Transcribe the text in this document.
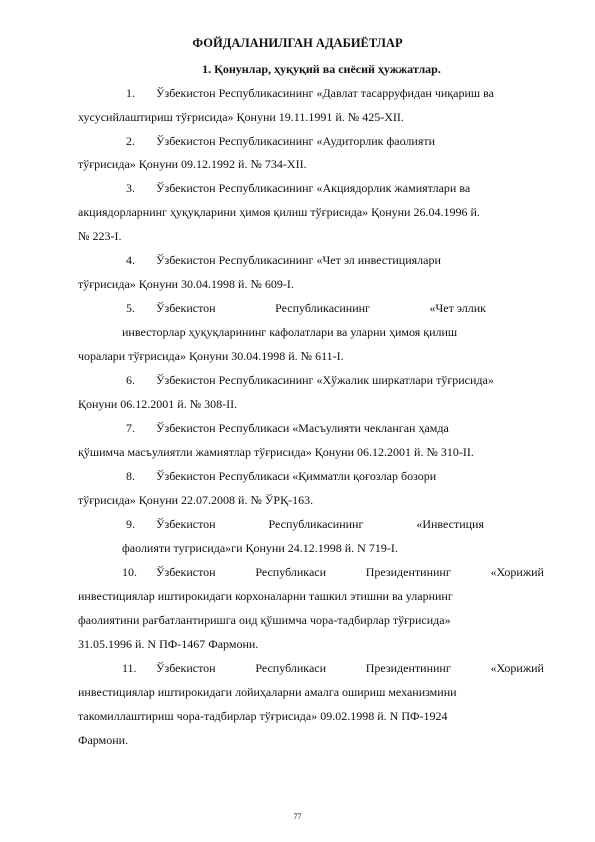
ФОЙДАЛАНИЛГАН АДАБИЁТЛАР
1. Қонунлар, ҳуқуқий ва сиёсий ҳужжатлар.
1. Ўзбекистон Республикасининг «Давлат тасарруфидан чиқариш ва
хусусийлаштириш тўғрисида» Қонуни 19.11.1991 й. № 425-XII.
2. Ўзбекистон Республикасининг «Аудиторлик фаолияти
тўғрисида» Қонуни 09.12.1992 й. № 734-XII.
3. Ўзбекистон Республикасининг «Акциядорлик жамиятлари ва
акциядорларнинг ҳуқуқларини ҳимоя қилиш тўғрисида» Қонуни 26.04.1996 й.
№ 223-I.
4. Ўзбекистон Республикасининг «Чет эл инвестициялари
тўғрисида» Қонуни 30.04.1998 й. № 609-I.
5. Ўзбекистон	Республикасининг	«Чет эллик
инвесторлар ҳуқуқларининг кафолатлари ва уларни ҳимоя қилиш
чоралари тўғрисида» Қонуни 30.04.1998 й. № 611-I.
6. Ўзбекистон Республикасининг «Хўжалик ширкатлари тўғрисида»
Қонуни 06.12.2001 й. № 308-II.
7. Ўзбекистон Республикаси «Масъулияти чекланган ҳамда
қўшимча масъулиятли жамиятлар тўғрисида» Қонуни 06.12.2001 й. № 310-II.
8. Ўзбекистон Республикаси «Қимматли қоғозлар бозори
тўғрисида» Қонуни 22.07.2008 й. № ЎРҚ-163.
9. Ўзбекистон	Республикасининг	«Инвестиция
фаолияти тугрисида»ги Қонуни 24.12.1998 й. N 719-I.
10. Ўзбекистон	Республикаси	Президентининг	«Хорижий
инвестициялар иштирокидаги корхоналарни ташкил этишни ва уларнинг
фаолиятини рағбатлантиришга оид қўшимча чора-тадбирлар тўғрисида»
31.05.1996 й. N ПФ-1467 Фармони.
11. Ўзбекистон	Республикаси	Президентининг	«Хорижий
инвестициялар иштирокидаги лойиҳаларни амалга ошириш механизмини
такомиллаштириш чора-тадбирлар тўғрисида» 09.02.1998 й. N ПФ-1924
Фармони.
77
